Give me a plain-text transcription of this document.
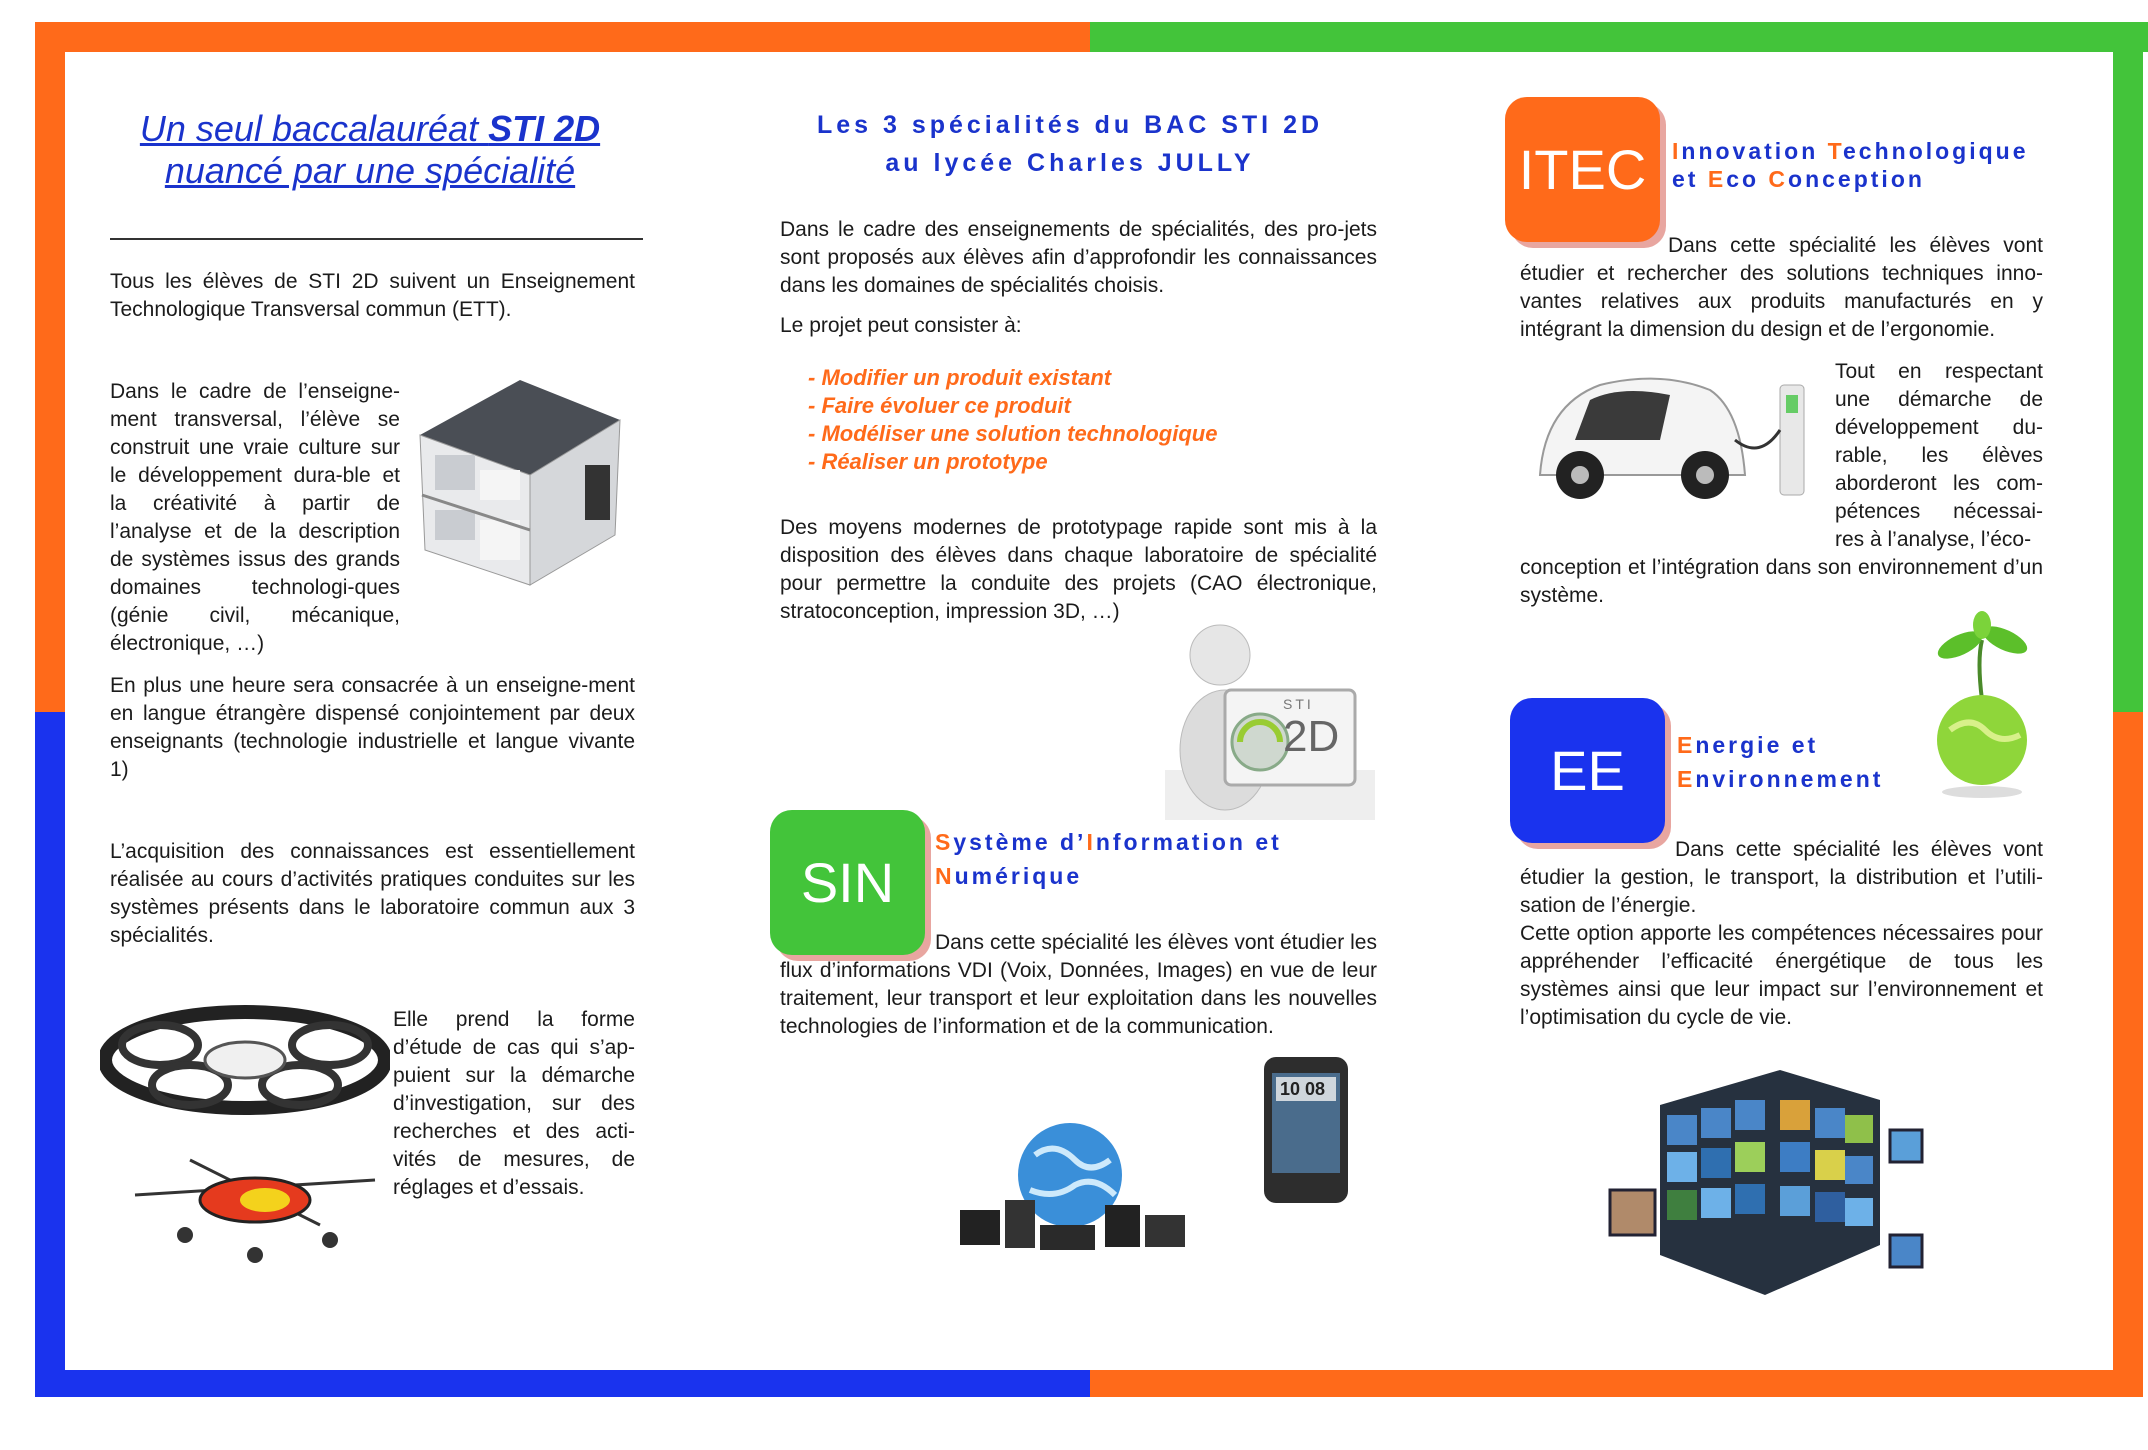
Un seul baccalauréat STI 2D
nuancé par une spécialité
Tous les élèves de STI 2D suivent un Enseignement Technologique Transversal commun (ETT).
Dans le cadre de l’enseigne-ment transversal, l’élève se construit une vraie culture sur le développement dura-ble et la créativité à partir de l’analyse et de la description de systèmes issus des grands domaines technologi-ques (génie civil, mécanique, électronique, …)
En plus une heure sera consacrée à un enseigne-ment en langue étrangère dispensé conjointement par deux enseignants (technologie industrielle et langue vivante 1)
L’acquisition des connaissances est essentiellement réalisée au cours d’activités pratiques conduites sur les systèmes présents dans le laboratoire commun aux 3 spécialités.
Elle prend la forme d’étude de cas qui s’ap-puient sur la démarche d’investigation, sur des recherches et des acti-vités de mesures, de réglages et d’essais.
Les 3 spécialités du BAC STI 2D
au lycée Charles JULLY
Dans le cadre des enseignements de spécialités, des pro-jets sont proposés aux élèves afin d’approfondir les connaissances dans les domaines de spécialités choisis.
Le projet peut consister à:
- Modifier un produit existant
- Faire évoluer ce produit
- Modéliser une solution technologique
- Réaliser un prototype
Des moyens modernes de prototypage rapide sont mis à la disposition des élèves dans chaque laboratoire de spécialité pour permettre la conduite des projets (CAO électronique, stratoconception, impression 3D, …)
STI
2D
SIN
Système d’Information et
Numérique
Dans cette spécialité les élèves vont étudier les flux d’informations VDI (Voix, Données, Images) en vue de leur traitement, leur transport et leur exploitation dans les nouvelles technologies de l’information et de la communication.
10 08
ITEC	Innovation Technologique
et Eco Conception
Dans cette spécialité les élèves vont étudier et rechercher des solutions techniques inno-vantes relatives aux produits manufacturés en y intégrant la dimension du design et de l’ergonomie.
Tout en respectant une démarche de développement du-rable, les élèves aborderont les com-pétences nécessai-res à l’analyse, l’éco-
conception et l’intégration dans son environnement d’un système.
EE	Energie et
Environnement
Dans cette spécialité les élèves vont étudier la gestion, le transport, la distribution et l’utili-sation de l’énergie.
Cette option apporte les compétences nécessaires pour appréhender l’efficacité énergétique de tous les systèmes ainsi que leur impact sur l’environnement et l’optimisation du cycle de vie.
